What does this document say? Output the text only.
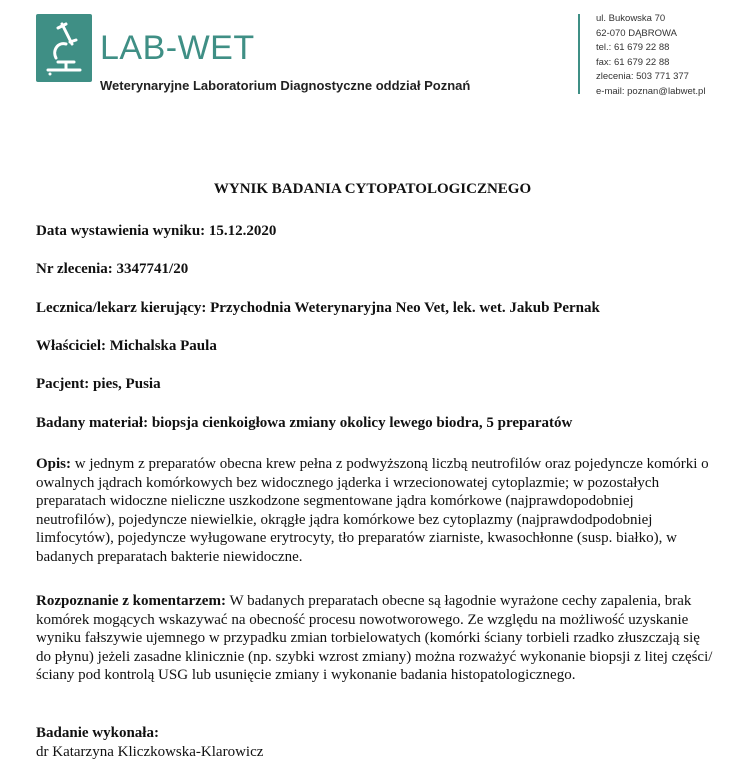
LAB-WET
Weterynaryjne Laboratorium Diagnostyczne oddział Poznań
ul. Bukowska 70
62-070 DĄBROWA
tel.: 61 679 22 88
fax: 61 679 22 88
zlecenia: 503 771 377
e-mail: poznan@labwet.pl
WYNIK BADANIA CYTOPATOLOGICZNEGO
Data wystawienia wyniku: 15.12.2020
Nr zlecenia: 3347741/20
Lecznica/lekarz kierujący: Przychodnia Weterynaryjna Neo Vet, lek. wet. Jakub Pernak
Właściciel: Michalska Paula
Pacjent: pies, Pusia
Badany materiał: biopsja cienkoigłowa zmiany okolicy lewego biodra, 5 preparatów
Opis: w jednym z preparatów obecna krew pełna z podwyższoną liczbą neutrofilów oraz pojedyncze komórki o owalnych jądrach komórkowych bez widocznego jąderka i wrzecionowatej cytoplazmie; w pozostałych preparatach widoczne nieliczne uszkodzone segmentowane jądra komórkowe (najprawdopodobniej neutrofilów), pojedyncze niewielkie, okrągłe jądra komórkowe bez cytoplazmy (najprawdodpodobniej limfocytów), pojedyncze wyługowane erytrocyty, tło preparatów ziarniste, kwasochłonne (susp. białko), w badanych preparatach bakterie niewidoczne.
Rozpoznanie z komentarzem: W badanych preparatach obecne są łagodnie wyrażone cechy zapalenia, brak komórek mogących wskazywać na obecność procesu nowotworowego. Ze względu na możliwość uzyskanie wyniku fałszywie ujemnego w przypadku zmian torbielowatych (komórki ściany torbieli rzadko złuszczają się do płynu) jeżeli zasadne klinicznie (np. szybki wzrost zmiany) można rozważyć wykonanie biopsji z litej części/ ściany pod kontrolą USG lub usunięcie zmiany i wykonanie badania histopatologicznego.
Badanie wykonała:
dr Katarzyna Kliczkowska-Klarowicz
